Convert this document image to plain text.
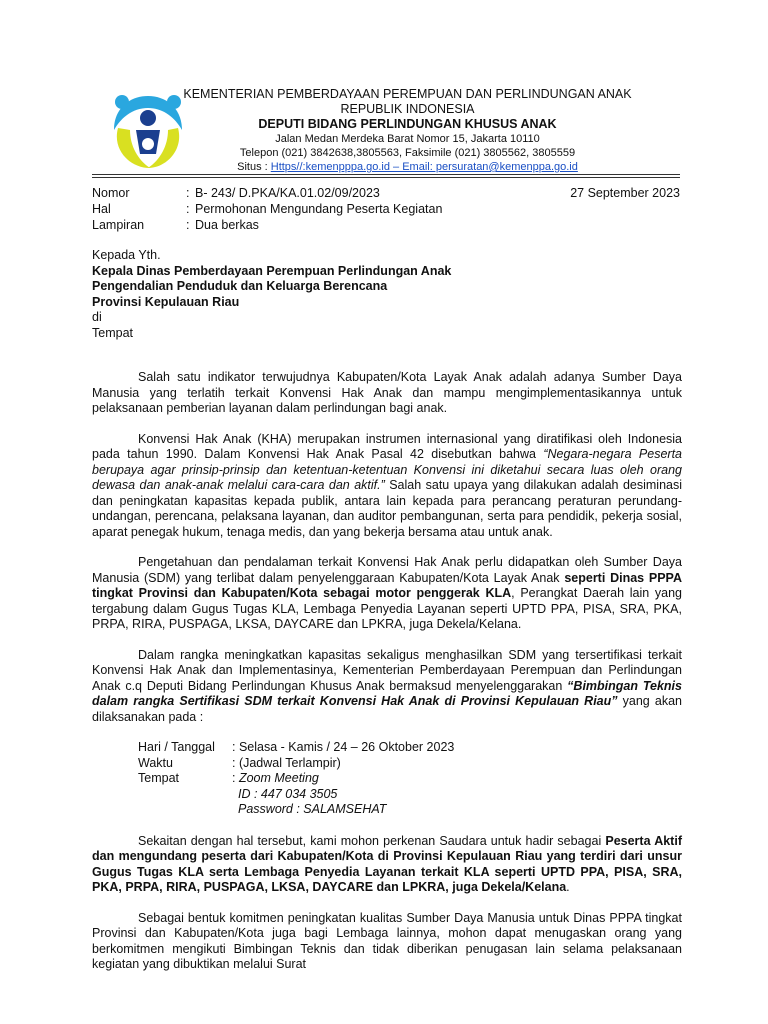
KEMENTERIAN PEMBERDAYAAN PEREMPUAN DAN PERLINDUNGAN ANAK
REPUBLIK INDONESIA
DEPUTI BIDANG PERLINDUNGAN KHUSUS ANAK
Jalan Medan Merdeka Barat Nomor 15, Jakarta 10110
Telepon (021) 3842638,3805563, Faksimile (021) 3805562, 3805559
Situs : Https//:kemenpppa.go.id – Email: persuratan@kemenppa.go.id
Nomor	: B- 243/ D.PKA/KA.01.02/09/2023	27 September 2023
Hal	: Permohonan Mengundang Peserta Kegiatan
Lampiran	: Dua berkas
Kepada Yth.
Kepala Dinas Pemberdayaan Perempuan Perlindungan Anak
Pengendalian Penduduk dan Keluarga Berencana
Provinsi Kepulauan Riau
di
Tempat

Salah satu indikator terwujudnya Kabupaten/Kota Layak Anak adalah adanya Sumber Daya Manusia yang terlatih terkait Konvensi Hak Anak dan mampu mengimplementasikannya untuk pelaksanaan pemberian layanan dalam perlindungan bagi anak.

Konvensi Hak Anak (KHA) merupakan instrumen internasional yang diratifikasi oleh Indonesia pada tahun 1990. Dalam Konvensi Hak Anak Pasal 42 disebutkan bahwa “Negara-negara Peserta berupaya agar prinsip-prinsip dan ketentuan-ketentuan Konvensi ini diketahui secara luas oleh orang dewasa dan anak-anak melalui cara-cara dan aktif.” Salah satu upaya yang dilakukan adalah desiminasi dan peningkatan kapasitas kepada publik, antara lain kepada para perancang peraturan perundang-undangan, perencana, pelaksana layanan, dan auditor pembangunan, serta para pendidik, pekerja sosial, aparat penegak hukum, tenaga medis, dan yang bekerja bersama atau untuk anak.

Pengetahuan dan pendalaman terkait Konvensi Hak Anak perlu didapatkan oleh Sumber Daya Manusia (SDM) yang terlibat dalam penyelenggaraan Kabupaten/Kota Layak Anak seperti Dinas PPPA tingkat Provinsi dan Kabupaten/Kota sebagai motor penggerak KLA, Perangkat Daerah lain yang tergabung dalam Gugus Tugas KLA, Lembaga Penyedia Layanan seperti UPTD PPA, PISA, SRA, PKA, PRPA, RIRA, PUSPAGA, LKSA, DAYCARE dan LPKRA, juga Dekela/Kelana.

Dalam rangka meningkatkan kapasitas sekaligus menghasilkan SDM yang tersertifikasi terkait Konvensi Hak Anak dan Implementasinya, Kementerian Pemberdayaan Perempuan dan Perlindungan Anak c.q Deputi Bidang Perlindungan Khusus Anak bermaksud menyelenggarakan “Bimbingan Teknis dalam rangka Sertifikasi SDM terkait Konvensi Hak Anak di Provinsi Kepulauan Riau” yang akan dilaksanakan pada :

Hari / Tanggal : Selasa - Kamis / 24 – 26 Oktober 2023
Waktu	: (Jadwal Terlampir)
Tempat	: Zoom Meeting
ID : 447 034 3505
Password : SALAMSEHAT

Sekaitan dengan hal tersebut, kami mohon perkenan Saudara untuk hadir sebagai Peserta Aktif dan mengundang peserta dari Kabupaten/Kota di Provinsi Kepulauan Riau yang terdiri dari unsur Gugus Tugas KLA serta Lembaga Penyedia Layanan terkait KLA seperti UPTD PPA, PISA, SRA, PKA, PRPA, RIRA, PUSPAGA, LKSA, DAYCARE dan LPKRA, juga Dekela/Kelana.

Sebagai bentuk komitmen peningkatan kualitas Sumber Daya Manusia untuk Dinas PPPA tingkat Provinsi dan Kabupaten/Kota juga bagi Lembaga lainnya, mohon dapat menugaskan orang yang berkomitmen mengikuti Bimbingan Teknis dan tidak diberikan penugasan lain selama pelaksanaan kegiatan yang dibuktikan melalui Surat
